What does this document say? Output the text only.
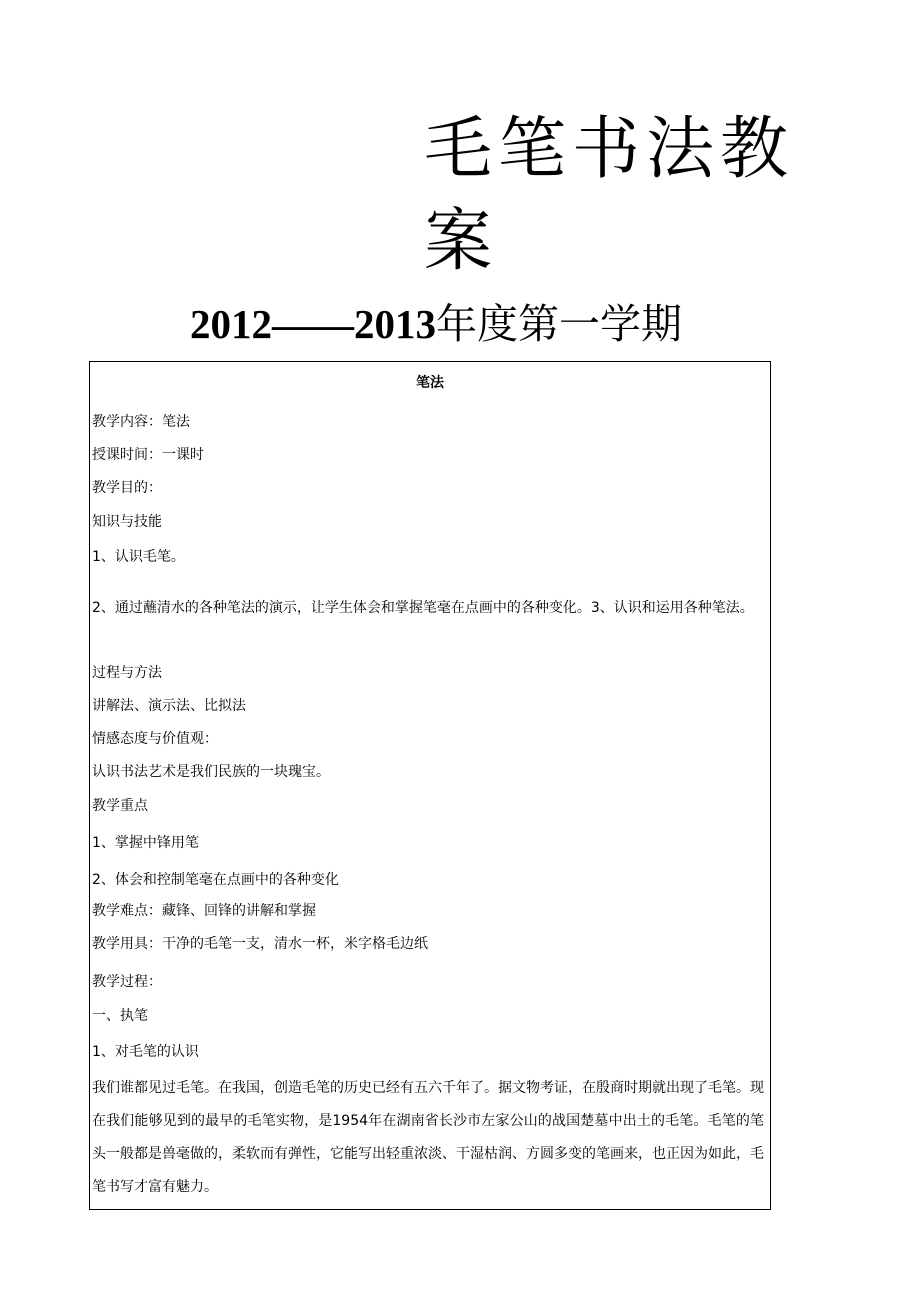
毛笔书法教
案
2012——2013年度第一学期
笔法
教学内容：笔法
授课时间：一课时
教学目的：
知识与技能
1、认识毛笔。
2、通过蘸清水的各种笔法的演示，让学生体会和掌握笔毫在点画中的各种变化。3、认识和运用各种笔法。
过程与方法
讲解法、演示法、比拟法
情感态度与价值观：
认识书法艺术是我们民族的一块瑰宝。
教学重点
1、掌握中锋用笔
2、体会和控制笔毫在点画中的各种变化
教学难点：藏锋、回锋的讲解和掌握
教学用具：干净的毛笔一支，清水一杯，米字格毛边纸
教学过程：
一、执笔
1、对毛笔的认识
我们谁都见过毛笔。在我国，创造毛笔的历史已经有五六千年了。据文物考证，在殷商时期就出现了毛笔。现在我们能够见到的最早的毛笔实物，是1954年在湖南省长沙市左家公山的战国楚墓中出土的毛笔。毛笔的笔头一般都是兽毫做的，柔软而有弹性，它能写出轻重浓淡、干湿枯润、方圆多变的笔画来，也正因为如此，毛笔书写才富有魅力。
